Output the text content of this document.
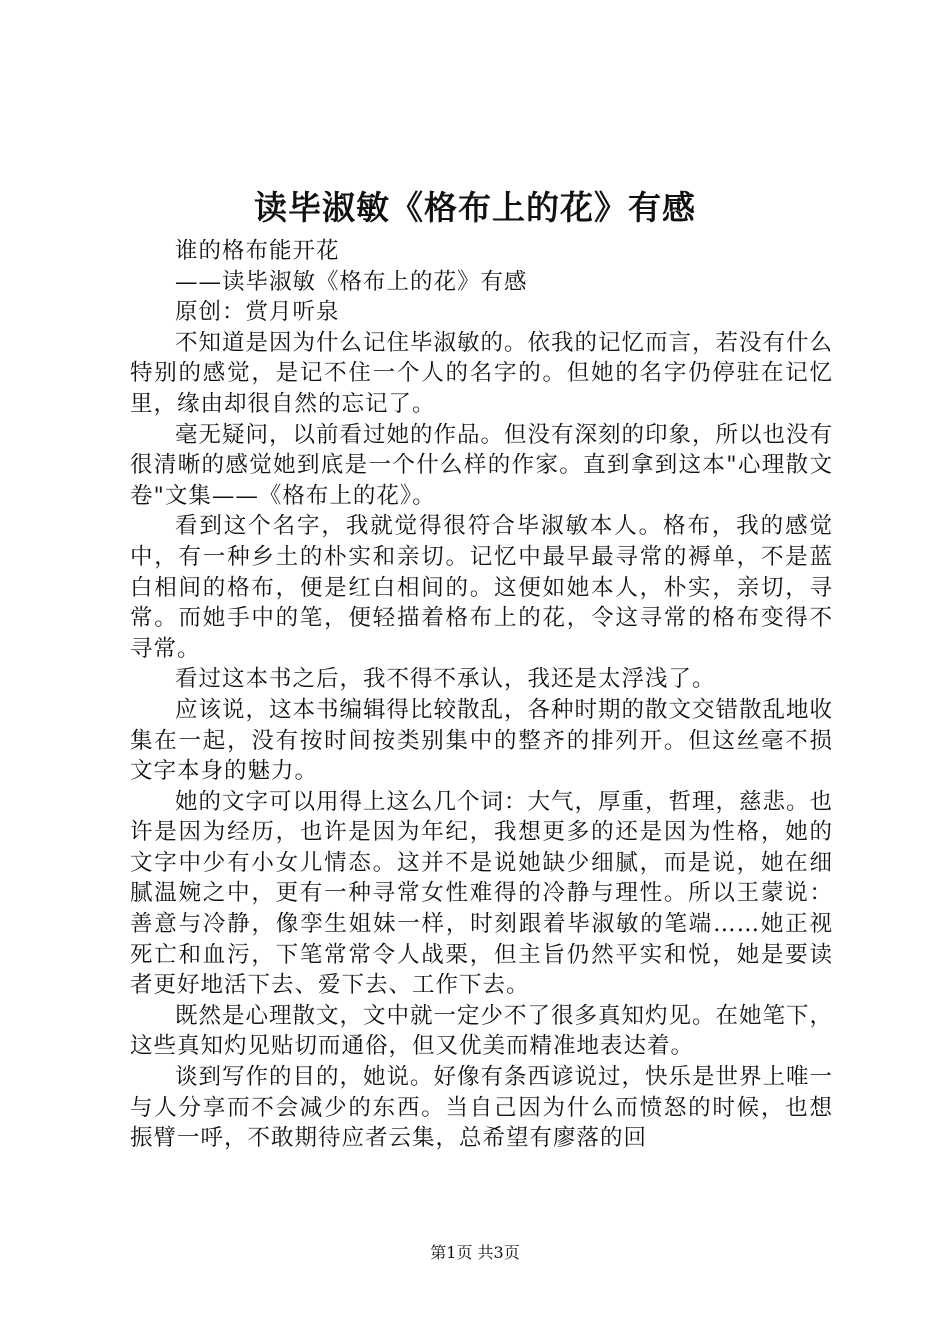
读毕淑敏《格布上的花》有感

谁的格布能开花

——读毕淑敏《格布上的花》有感

原创：赏月听泉

不知道是因为什么记住毕淑敏的。依我的记忆而言，若没有什么特别的感觉，是记不住一个人的名字的。但她的名字仍停驻在记忆里，缘由却很自然的忘记了。

毫无疑问，以前看过她的作品。但没有深刻的印象，所以也没有很清晰的感觉她到底是一个什么样的作家。直到拿到这本"心理散文卷"文集——《格布上的花》。

看到这个名字，我就觉得很符合毕淑敏本人。格布，我的感觉中，有一种乡土的朴实和亲切。记忆中最早最寻常的褥单，不是蓝白相间的格布，便是红白相间的。这便如她本人，朴实，亲切，寻常。而她手中的笔，便轻描着格布上的花，令这寻常的格布变得不寻常。

看过这本书之后，我不得不承认，我还是太浮浅了。

应该说，这本书编辑得比较散乱，各种时期的散文交错散乱地收集在一起，没有按时间按类别集中的整齐的排列开。但这丝毫不损文字本身的魅力。

她的文字可以用得上这么几个词：大气，厚重，哲理，慈悲。也许是因为经历，也许是因为年纪，我想更多的还是因为性格，她的文字中少有小女儿情态。这并不是说她缺少细腻，而是说，她在细腻温婉之中，更有一种寻常女性难得的冷静与理性。所以王蒙说：善意与冷静，像孪生姐妹一样，时刻跟着毕淑敏的笔端……她正视死亡和血污，下笔常常令人战栗，但主旨仍然平实和悦，她是要读者更好地活下去、爱下去、工作下去。

既然是心理散文，文中就一定少不了很多真知灼见。在她笔下，这些真知灼见贴切而通俗，但又优美而精准地表达着。

谈到写作的目的，她说。好像有条西谚说过，快乐是世界上唯一与人分享而不会减少的东西。当自己因为什么而愤怒的时候，也想振臂一呼，不敢期待应者云集，总希望有廖落的回

第1页 共3页
